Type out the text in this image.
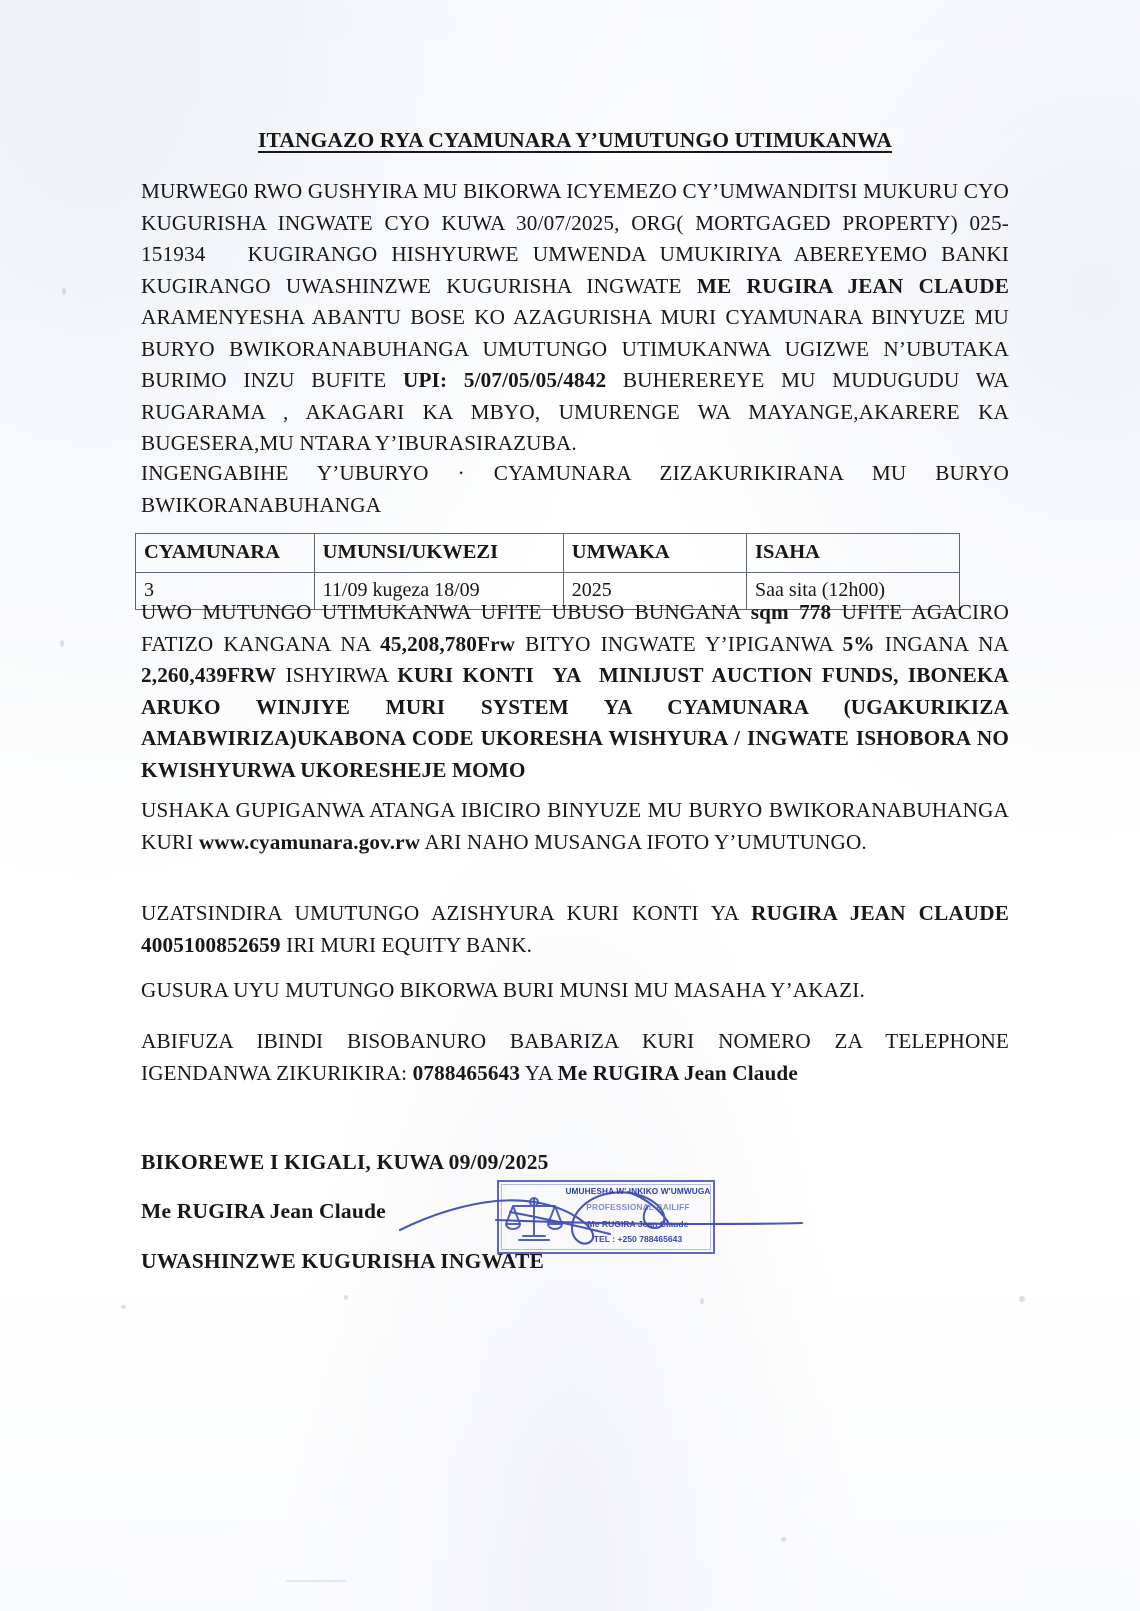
ITANGAZO RYA CYAMUNARA Y’UMUTUNGO UTIMUKANWA

MURWEG0 RWO GUSHYIRA MU BIKORWA ICYEMEZO CY’UMWANDITSI MUKURU CYO KUGURISHA INGWATE CYO KUWA 30/07/2025, ORG( MORTGAGED PROPERTY) 025-151934   KUGIRANGO HISHYURWE UMWENDA UMUKIRIYA ABEREYEMO BANKI KUGIRANGO UWASHINZWE KUGURISHA INGWATE ME RUGIRA JEAN CLAUDE ARAMENYESHA ABANTU BOSE KO AZAGURISHA MURI CYAMUNARA BINYUZE MU BURYO BWIKORANABUHANGA UMUTUNGO UTIMUKANWA UGIZWE N’UBUTAKA BURIMO INZU BUFITE UPI: 5/07/05/05/4842 BUHEREREYE MU MUDUGUDU WA RUGARAMA , AKAGARI KA MBYO, UMURENGE WA MAYANGE,AKARERE KA BUGESERA,MU NTARA Y’IBURASIRAZUBA.

INGENGABIHE Y’UBURYO · CYAMUNARA ZIZAKURIKIRANA MU BURYO BWIKORANABUHANGA

CYAMUNARA	UMUNSI/UKWEZI	UMWAKA	ISAHA
3	11/09 kugeza 18/09	2025	Saa sita (12h00)

UWO MUTUNGO UTIMUKANWA UFITE UBUSO BUNGANA sqm 778 UFITE AGACIRO FATIZO KANGANA NA 45,208,780Frw BITYO INGWATE Y’IPIGANWA 5% INGANA NA 2,260,439FRW ISHYIRWA KURI KONTI  YA  MINIJUST AUCTION FUNDS, IBONEKA ARUKO WINJIYE MURI SYSTEM YA CYAMUNARA (UGAKURIKIZA AMABWIRIZA)UKABONA CODE UKORESHA WISHYURA / INGWATE ISHOBORA NO KWISHYURWA UKORESHEJE MOMO

USHAKA GUPIGANWA ATANGA IBICIRO BINYUZE MU BURYO BWIKORANABUHANGA KURI www.cyamunara.gov.rw ARI NAHO MUSANGA IFOTO Y’UMUTUNGO.

UZATSINDIRA UMUTUNGO AZISHYURA KURI KONTI YA RUGIRA JEAN CLAUDE 4005100852659 IRI MURI EQUITY BANK.

GUSURA UYU MUTUNGO BIKORWA BURI MUNSI MU MASAHA Y’AKAZI.

ABIFUZA IBINDI BISOBANURO BABARIZA KURI NOMERO ZA TELEPHONE IGENDANWA ZIKURIKIRA: 0788465643 YA Me RUGIRA Jean Claude

BIKOREWE I KIGALI, KUWA 09/09/2025
Me RUGIRA Jean Claude
UWASHINZWE KUGURISHA INGWATE
UMUHESHA W' INKIKO W'UMWUGA
PROFESSIONAL BAILIFF
Me RUGIRA Jean Claude
TEL : +250 788465643
